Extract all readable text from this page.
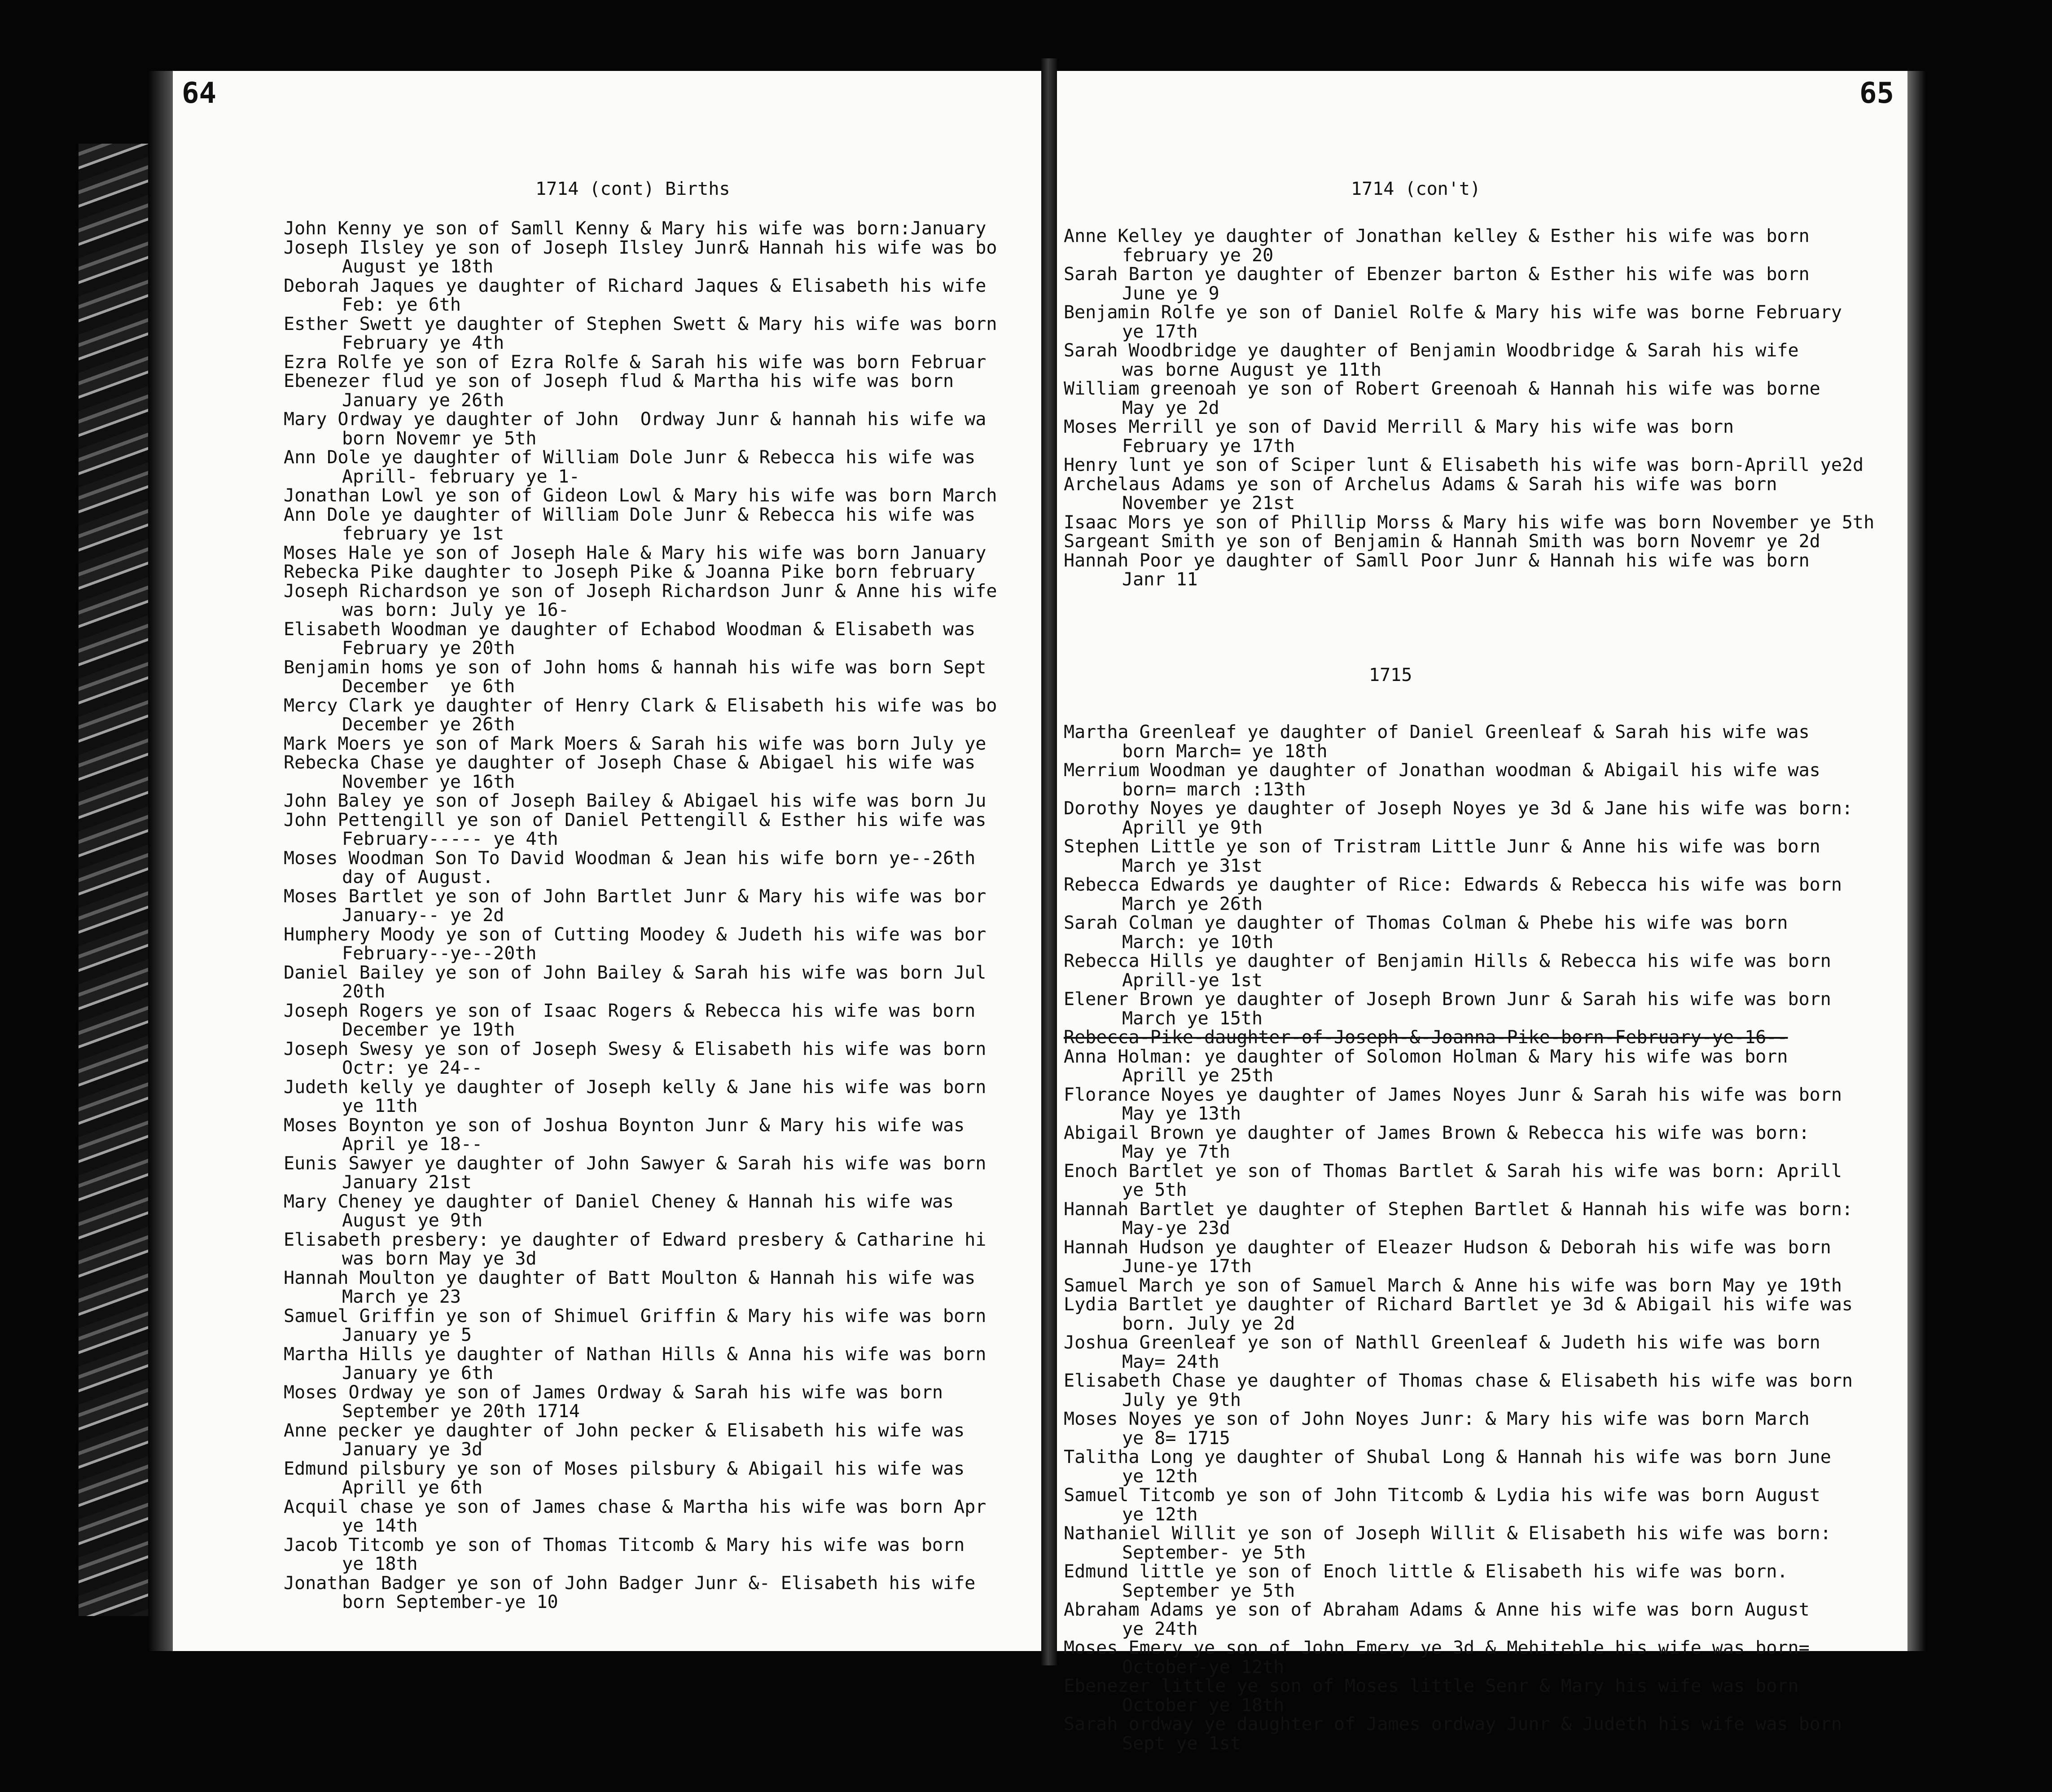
64

1714 (cont) Births

John Kenny ye son of Samll Kenny & Mary his wife was born:January
Joseph Ilsley ye son of Joseph Ilsley Junr& Hannah his wife was bo
August ye 18th
Deborah Jaques ye daughter of Richard Jaques & Elisabeth his wife
Feb: ye 6th
Esther Swett ye daughter of Stephen Swett & Mary his wife was born
February ye 4th
Ezra Rolfe ye son of Ezra Rolfe & Sarah his wife was born Februar
Ebenezer flud ye son of Joseph flud & Martha his wife was born
January ye 26th
Mary Ordway ye daughter of John  Ordway Junr & hannah his wife wa
born Novemr ye 5th
Ann Dole ye daughter of William Dole Junr & Rebecca his wife was
Aprill- february ye 1-
Jonathan Lowl ye son of Gideon Lowl & Mary his wife was born March
Ann Dole ye daughter of William Dole Junr & Rebecca his wife was
february ye 1st
Moses Hale ye son of Joseph Hale & Mary his wife was born January
Rebecka Pike daughter to Joseph Pike & Joanna Pike born february
Joseph Richardson ye son of Joseph Richardson Junr & Anne his wife
was born: July ye 16-
Elisabeth Woodman ye daughter of Echabod Woodman & Elisabeth was
February ye 20th
Benjamin homs ye son of John homs & hannah his wife was born Sept
December  ye 6th
Mercy Clark ye daughter of Henry Clark & Elisabeth his wife was bo
December ye 26th
Mark Moers ye son of Mark Moers & Sarah his wife was born July ye
Rebecka Chase ye daughter of Joseph Chase & Abigael his wife was
November ye 16th
John Baley ye son of Joseph Bailey & Abigael his wife was born Ju
John Pettengill ye son of Daniel Pettengill & Esther his wife was
February----- ye 4th
Moses Woodman Son To David Woodman & Jean his wife born ye--26th
day of August.
Moses Bartlet ye son of John Bartlet Junr & Mary his wife was bor
January-- ye 2d
Humphery Moody ye son of Cutting Moodey & Judeth his wife was bor
February--ye--20th
Daniel Bailey ye son of John Bailey & Sarah his wife was born Jul
20th
Joseph Rogers ye son of Isaac Rogers & Rebecca his wife was born
December ye 19th
Joseph Swesy ye son of Joseph Swesy & Elisabeth his wife was born
Octr: ye 24--
Judeth kelly ye daughter of Joseph kelly & Jane his wife was born
ye 11th
Moses Boynton ye son of Joshua Boynton Junr & Mary his wife was
April ye 18--
Eunis Sawyer ye daughter of John Sawyer & Sarah his wife was born
January 21st
Mary Cheney ye daughter of Daniel Cheney & Hannah his wife was
August ye 9th
Elisabeth presbery: ye daughter of Edward presbery & Catharine hi
was born May ye 3d
Hannah Moulton ye daughter of Batt Moulton & Hannah his wife was
March ye 23
Samuel Griffin ye son of Shimuel Griffin & Mary his wife was born
January ye 5
Martha Hills ye daughter of Nathan Hills & Anna his wife was born
January ye 6th
Moses Ordway ye son of James Ordway & Sarah his wife was born
September ye 20th 1714
Anne pecker ye daughter of John pecker & Elisabeth his wife was
January ye 3d
Edmund pilsbury ye son of Moses pilsbury & Abigail his wife was
Aprill ye 6th
Acquil chase ye son of James chase & Martha his wife was born Apr
ye 14th
Jacob Titcomb ye son of Thomas Titcomb & Mary his wife was born
ye 18th
Jonathan Badger ye son of John Badger Junr &- Elisabeth his wife
born September-ye 10

65

1714 (con't)

Anne Kelley ye daughter of Jonathan kelley & Esther his wife was born
february ye 20
Sarah Barton ye daughter of Ebenzer barton & Esther his wife was born
June ye 9
Benjamin Rolfe ye son of Daniel Rolfe & Mary his wife was borne February
ye 17th
Sarah Woodbridge ye daughter of Benjamin Woodbridge & Sarah his wife
was borne August ye 11th
William greenoah ye son of Robert Greenoah & Hannah his wife was borne
May ye 2d
Moses Merrill ye son of David Merrill & Mary his wife was born
February ye 17th
Henry lunt ye son of Sciper lunt & Elisabeth his wife was born-Aprill ye2d
Archelaus Adams ye son of Archelus Adams & Sarah his wife was born
November ye 21st
Isaac Mors ye son of Phillip Morss & Mary his wife was born November ye 5th
Sargeant Smith ye son of Benjamin & Hannah Smith was born Novemr ye 2d
Hannah Poor ye daughter of Samll Poor Junr & Hannah his wife was born
Janr 11

1715

Martha Greenleaf ye daughter of Daniel Greenleaf & Sarah his wife was
born March= ye 18th
Merrium Woodman ye daughter of Jonathan woodman & Abigail his wife was
born= march :13th
Dorothy Noyes ye daughter of Joseph Noyes ye 3d & Jane his wife was born:
Aprill ye 9th
Stephen Little ye son of Tristram Little Junr & Anne his wife was born
March ye 31st
Rebecca Edwards ye daughter of Rice: Edwards & Rebecca his wife was born
March ye 26th
Sarah Colman ye daughter of Thomas Colman & Phebe his wife was born
March: ye 10th
Rebecca Hills ye daughter of Benjamin Hills & Rebecca his wife was born
Aprill-ye 1st
Elener Brown ye daughter of Joseph Brown Junr & Sarah his wife was born
March ye 15th
Rebecca-Pike-daughter-of-Joseph-&-Joanna-Pike-born-February-ye-16--
Anna Holman: ye daughter of Solomon Holman & Mary his wife was born
Aprill ye 25th
Florance Noyes ye daughter of James Noyes Junr & Sarah his wife was born
May ye 13th
Abigail Brown ye daughter of James Brown & Rebecca his wife was born:
May ye 7th
Enoch Bartlet ye son of Thomas Bartlet & Sarah his wife was born: Aprill
ye 5th
Hannah Bartlet ye daughter of Stephen Bartlet & Hannah his wife was born:
May-ye 23d
Hannah Hudson ye daughter of Eleazer Hudson & Deborah his wife was born
June-ye 17th
Samuel March ye son of Samuel March & Anne his wife was born May ye 19th
Lydia Bartlet ye daughter of Richard Bartlet ye 3d & Abigail his wife was
born. July ye 2d
Joshua Greenleaf ye son of Nathll Greenleaf & Judeth his wife was born
May= 24th
Elisabeth Chase ye daughter of Thomas chase & Elisabeth his wife was born
July ye 9th
Moses Noyes ye son of John Noyes Junr: & Mary his wife was born March
ye 8= 1715
Talitha Long ye daughter of Shubal Long & Hannah his wife was born June
ye 12th
Samuel Titcomb ye son of John Titcomb & Lydia his wife was born August
ye 12th
Nathaniel Willit ye son of Joseph Willit & Elisabeth his wife was born:
September- ye 5th
Edmund little ye son of Enoch little & Elisabeth his wife was born.
September ye 5th
Abraham Adams ye son of Abraham Adams & Anne his wife was born August
ye 24th
Moses Emery ye son of John Emery ye 3d & Mehiteble his wife was born=
October-ye 12th
Ebenezer little ye son of Moses little Senr & Mary his wife was born
October ye 18th
Sarah ordway ye daughter of James ordway Junr & Judeth his wife was born
Sept ye 1st
